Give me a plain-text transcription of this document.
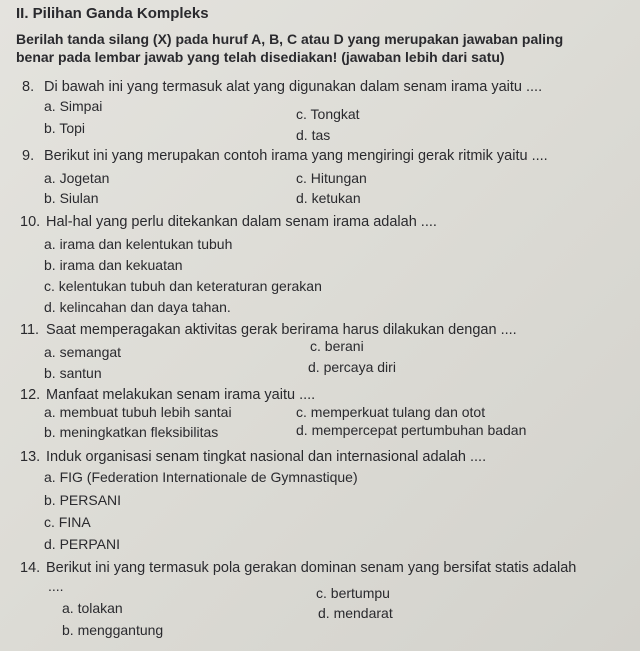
II. Pilihan Ganda Kompleks
Berilah tanda silang (X) pada huruf A, B, C atau D yang merupakan jawaban paling
benar pada lembar jawab yang telah disediakan! (jawaban lebih dari satu)
8. Di bawah ini yang termasuk alat yang digunakan dalam senam irama yaitu ....
a. Simpai	c. Tongkat
b. Topi	d. tas
9. Berikut ini yang merupakan contoh irama yang mengiringi gerak ritmik yaitu ....
a. Jogetan	c. Hitungan
b. Siulan	d. ketukan
10. Hal-hal yang perlu ditekankan dalam senam irama adalah ....
a. irama dan kelentukan tubuh
b. irama dan kekuatan
c. kelentukan tubuh dan keteraturan gerakan
d. kelincahan dan daya tahan.
11. Saat memperagakan aktivitas gerak berirama harus dilakukan dengan ....
a. semangat	c. berani
b. santun	d. percaya diri
12. Manfaat melakukan senam irama yaitu ....
a. membuat tubuh lebih santai	c. memperkuat tulang dan otot
b. meningkatkan fleksibilitas	d. mempercepat pertumbuhan badan
13. Induk organisasi senam tingkat nasional dan internasional adalah ....
a. FIG (Federation Internationale de Gymnastique)
b. PERSANI
c. FINA
d. PERPANI
14. Berikut ini yang termasuk pola gerakan dominan senam yang bersifat statis adalah
....	c. bertumpu
a. tolakan	d. mendarat
b. menggantung
